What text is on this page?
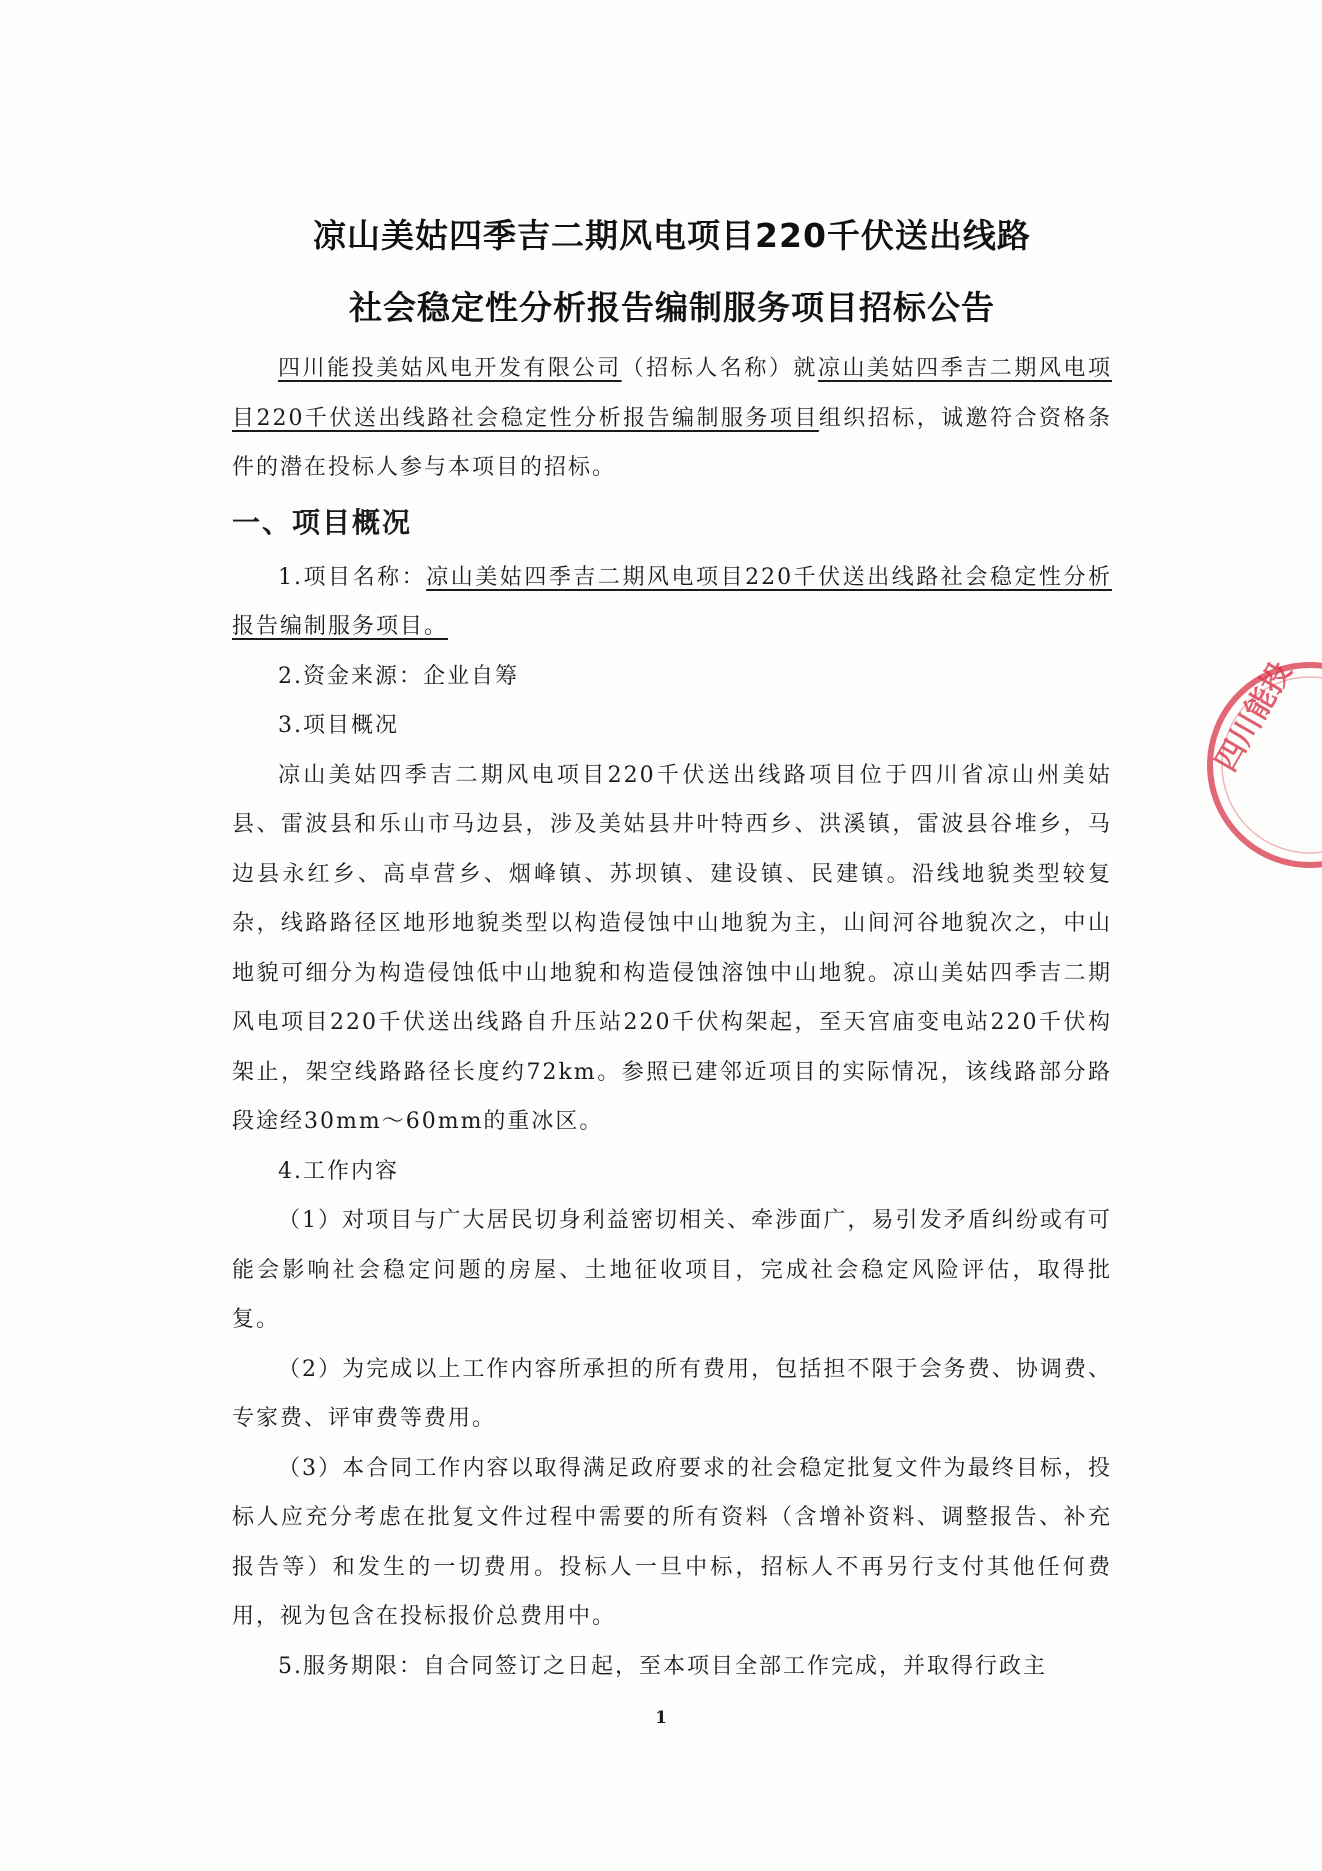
四川能投
凉山美姑四季吉二期风电项目220千伏送出线路
社会稳定性分析报告编制服务项目招标公告

四川能投美姑风电开发有限公司（招标人名称）就凉山美姑四季吉二期风电项目220千伏送出线路社会稳定性分析报告编制服务项目组织招标，诚邀符合资格条件的潜在投标人参与本项目的招标。

一、项目概况

1.项目名称：凉山美姑四季吉二期风电项目220千伏送出线路社会稳定性分析报告编制服务项目。

2.资金来源：企业自筹

3.项目概况

凉山美姑四季吉二期风电项目220千伏送出线路项目位于四川省凉山州美姑县、雷波县和乐山市马边县，涉及美姑县井叶特西乡、洪溪镇，雷波县谷堆乡，马边县永红乡、高卓营乡、烟峰镇、苏坝镇、建设镇、民建镇。沿线地貌类型较复杂，线路路径区地形地貌类型以构造侵蚀中山地貌为主，山间河谷地貌次之，中山地貌可细分为构造侵蚀低中山地貌和构造侵蚀溶蚀中山地貌。凉山美姑四季吉二期风电项目220千伏送出线路自升压站220千伏构架起，至天宫庙变电站220千伏构架止，架空线路路径长度约72km。参照已建邻近项目的实际情况，该线路部分路段途经30mm～60mm的重冰区。

4.工作内容

（1）对项目与广大居民切身利益密切相关、牵涉面广，易引发矛盾纠纷或有可能会影响社会稳定问题的房屋、土地征收项目，完成社会稳定风险评估，取得批复。

（2）为完成以上工作内容所承担的所有费用，包括担不限于会务费、协调费、专家费、评审费等费用。

（3）本合同工作内容以取得满足政府要求的社会稳定批复文件为最终目标，投标人应充分考虑在批复文件过程中需要的所有资料（含增补资料、调整报告、补充报告等）和发生的一切费用。投标人一旦中标，招标人不再另行支付其他任何费用，视为包含在投标报价总费用中。

5.服务期限：自合同签订之日起，至本项目全部工作完成，并取得行政主

1
